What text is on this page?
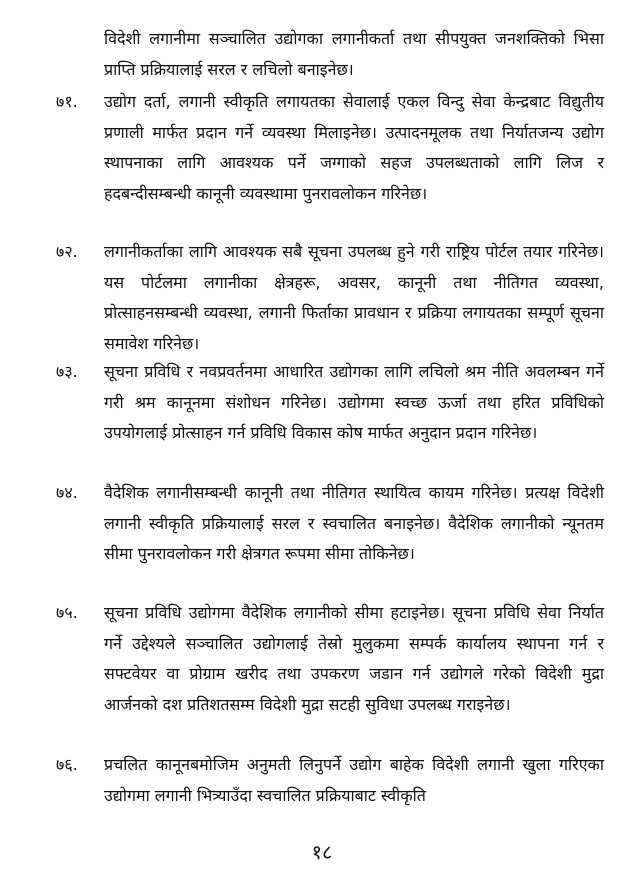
विदेशी लगानीमा सञ्चालित उद्योगका लगानीकर्ता तथा सीपयुक्त जनशक्तिको भिसा प्राप्ति प्रक्रियालाई सरल र लचिलो बनाइनेछ।
७१. उद्योग दर्ता, लगानी स्वीकृति लगायतका सेवालाई एकल विन्दु सेवा केन्द्रबाट विद्युतीय प्रणाली मार्फत प्रदान गर्ने व्यवस्था मिलाइनेछ। उत्पादनमूलक तथा निर्यातजन्य उद्योग स्थापनाका लागि आवश्यक पर्ने जग्गाको सहज उपलब्धताको लागि लिज र हदबन्दीसम्बन्धी कानूनी व्यवस्थामा पुनरावलोकन गरिनेछ।
७२. लगानीकर्ताका लागि आवश्यक सबै सूचना उपलब्ध हुने गरी राष्ट्रिय पोर्टल तयार गरिनेछ। यस पोर्टलमा लगानीका क्षेत्रहरू, अवसर, कानूनी तथा नीतिगत व्यवस्था, प्रोत्साहनसम्बन्धी व्यवस्था, लगानी फिर्ताका प्रावधान र प्रक्रिया लगायतका सम्पूर्ण सूचना समावेश गरिनेछ।
७३. सूचना प्रविधि र नवप्रवर्तनमा आधारित उद्योगका लागि लचिलो श्रम नीति अवलम्बन गर्ने गरी श्रम कानूनमा संशोधन गरिनेछ। उद्योगमा स्वच्छ ऊर्जा तथा हरित प्रविधिको उपयोगलाई प्रोत्साहन गर्न प्रविधि विकास कोष मार्फत अनुदान प्रदान गरिनेछ।
७४. वैदेशिक लगानीसम्बन्धी कानूनी तथा नीतिगत स्थायित्व कायम गरिनेछ। प्रत्यक्ष विदेशी लगानी स्वीकृति प्रक्रियालाई सरल र स्वचालित बनाइनेछ। वैदेशिक लगानीको न्यूनतम सीमा पुनरावलोकन गरी क्षेत्रगत रूपमा सीमा तोकिनेछ।
७५. सूचना प्रविधि उद्योगमा वैदेशिक लगानीको सीमा हटाइनेछ। सूचना प्रविधि सेवा निर्यात गर्ने उद्देश्यले सञ्चालित उद्योगलाई तेस्रो मुलुकमा सम्पर्क कार्यालय स्थापना गर्न र सफ्टवेयर वा प्रोग्राम खरीद तथा उपकरण जडान गर्न उद्योगले गरेको विदेशी मुद्रा आर्जनको दश प्रतिशतसम्म विदेशी मुद्रा सटही सुविधा उपलब्ध गराइनेछ।
७६. प्रचलित कानूनबमोजिम अनुमती लिनुपर्ने उद्योग बाहेक विदेशी लगानी खुला गरिएका उद्योगमा लगानी भित्र्याउँदा स्वचालित प्रक्रियाबाट स्वीकृति
१८
